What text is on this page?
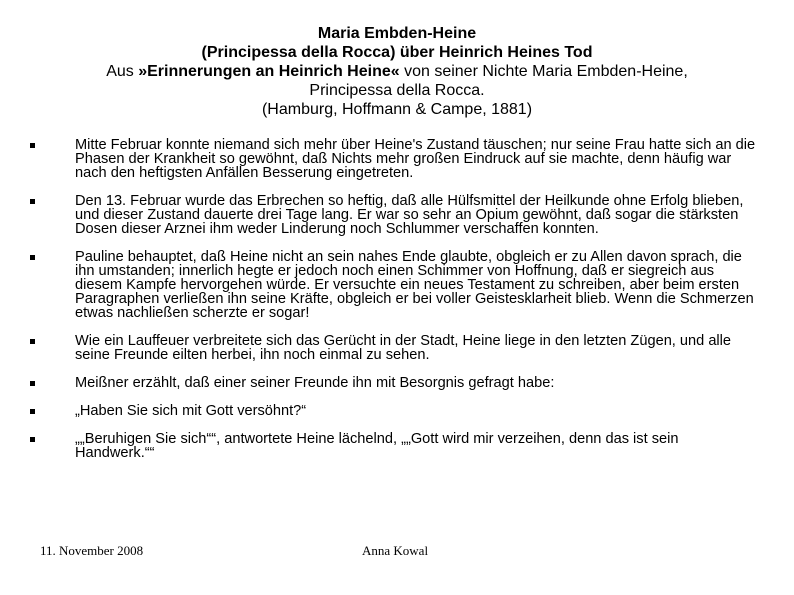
Maria Embden-Heine
(Principessa della Rocca) über Heinrich Heines Tod
Aus »Erinnerungen an Heinrich Heine« von seiner Nichte Maria Embden-Heine,
Principessa della Rocca.
(Hamburg, Hoffmann & Campe, 1881)
Mitte Februar konnte niemand sich mehr über Heine's Zustand täuschen; nur seine Frau hatte sich an die Phasen der Krankheit so gewöhnt, daß Nichts mehr großen Eindruck auf sie machte, denn häufig war nach den heftigsten Anfällen Besserung eingetreten.
Den 13. Februar wurde das Erbrechen so heftig, daß alle Hülfsmittel der Heilkunde ohne Erfolg blieben, und dieser Zustand dauerte drei Tage lang. Er war so sehr an Opium gewöhnt, daß sogar die stärksten Dosen dieser Arznei ihm weder Linderung noch Schlummer verschaffen konnten.
Pauline behauptet, daß Heine nicht an sein nahes Ende glaubte, obgleich er zu Allen davon sprach, die ihn umstanden; innerlich hegte er jedoch noch einen Schimmer von Hoffnung, daß er siegreich aus diesem Kampfe hervorgehen würde. Er versuchte ein neues Testament zu schreiben, aber beim ersten Paragraphen verließen ihn seine Kräfte, obgleich er bei voller Geistesklarheit blieb. Wenn die Schmerzen etwas nachließen scherzte er sogar!
Wie ein Lauffeuer verbreitete sich das Gerücht in der Stadt, Heine liege in den letzten Zügen, und alle seine Freunde eilten herbei, ihn noch einmal zu sehen.
Meißner erzählt, daß einer seiner Freunde ihn mit Besorgnis gefragt habe:
„Haben Sie sich mit Gott versöhnt?“
„„Beruhigen Sie sich““, antwortete Heine lächelnd, „„Gott wird mir verzeihen, denn das ist sein Handwerk.““
11. November 2008	Anna Kowal
